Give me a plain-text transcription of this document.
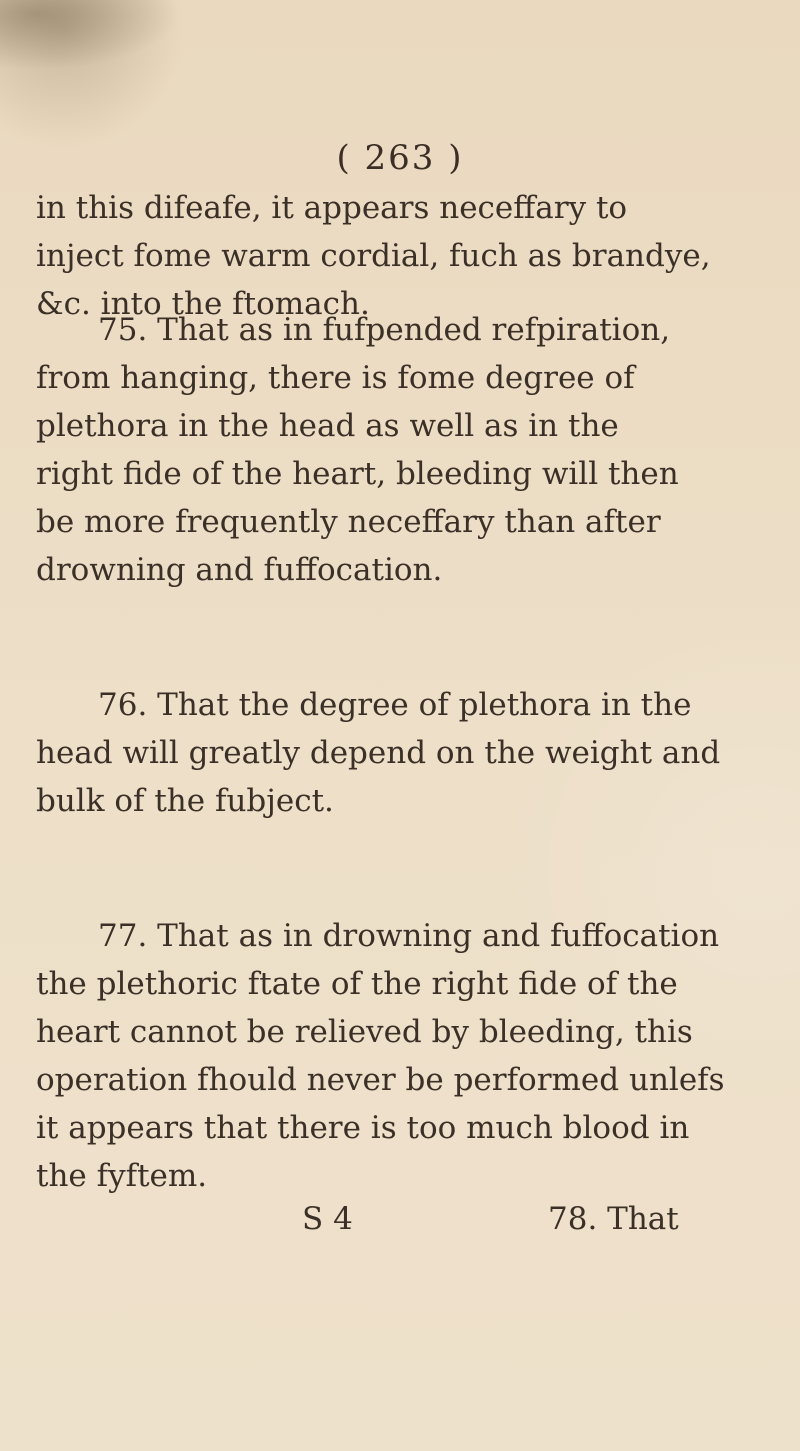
( 263 )
in this difeafe, it appears neceffary to
inject fome warm cordial, fuch as brandye,
&c. into the ftomach.
75. That as in fufpended refpiration,
from hanging, there is fome degree of
plethora in the head as well as in the
right fide of the heart, bleeding will then
be more frequently neceffary than after
drowning and fuffocation.
76. That the degree of plethora in the
head will greatly depend on the weight and
bulk of the fubject.
77. That as in drowning and fuffocation
the plethoric ftate of the right fide of the
heart cannot be relieved by bleeding, this
operation fhould never be performed unlefs
it appears that there is too much blood in
the fyftem.
S 4	78. That
